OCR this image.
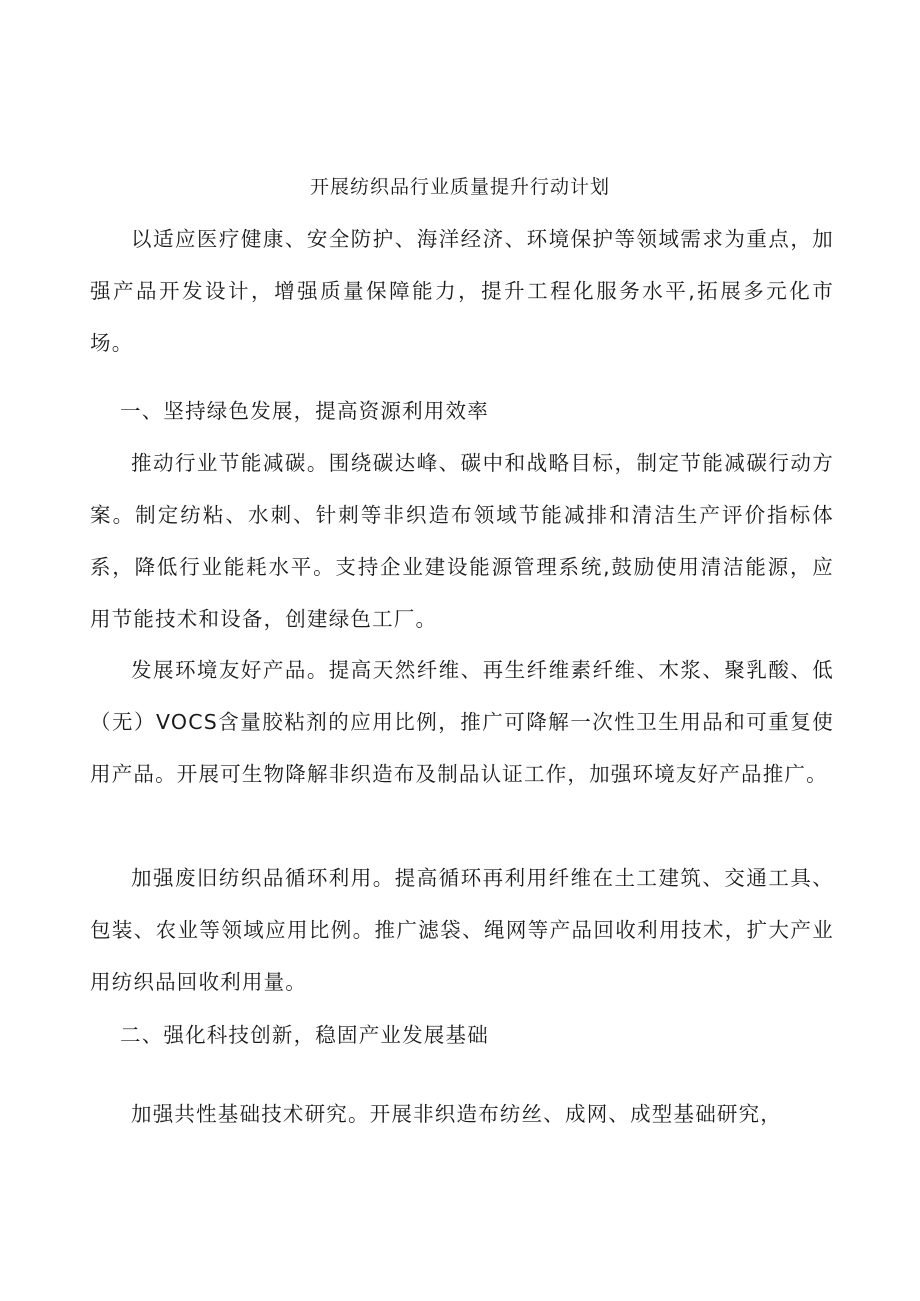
开展纺织品行业质量提升行动计划

以适应医疗健康、安全防护、海洋经济、环境保护等领域需求为重点，加强产品开发设计，增强质量保障能力，提升工程化服务水平,拓展多元化市场。

一、坚持绿色发展，提高资源利用效率

推动行业节能减碳。围绕碳达峰、碳中和战略目标，制定节能减碳行动方案。制定纺粘、水刺、针刺等非织造布领域节能减排和清洁生产评价指标体系，降低行业能耗水平。支持企业建设能源管理系统,鼓励使用清洁能源，应用节能技术和设备，创建绿色工厂。

发展环境友好产品。提高天然纤维、再生纤维素纤维、木浆、聚乳酸、低（无）VOCS含量胶粘剂的应用比例，推广可降解一次性卫生用品和可重复使用产品。开展可生物降解非织造布及制品认证工作，加强环境友好产品推广。

加强废旧纺织品循环利用。提高循环再利用纤维在土工建筑、交通工具、包装、农业等领域应用比例。推广滤袋、绳网等产品回收利用技术，扩大产业用纺织品回收利用量。

二、强化科技创新，稳固产业发展基础

加强共性基础技术研究。开展非织造布纺丝、成网、成型基础研究，
